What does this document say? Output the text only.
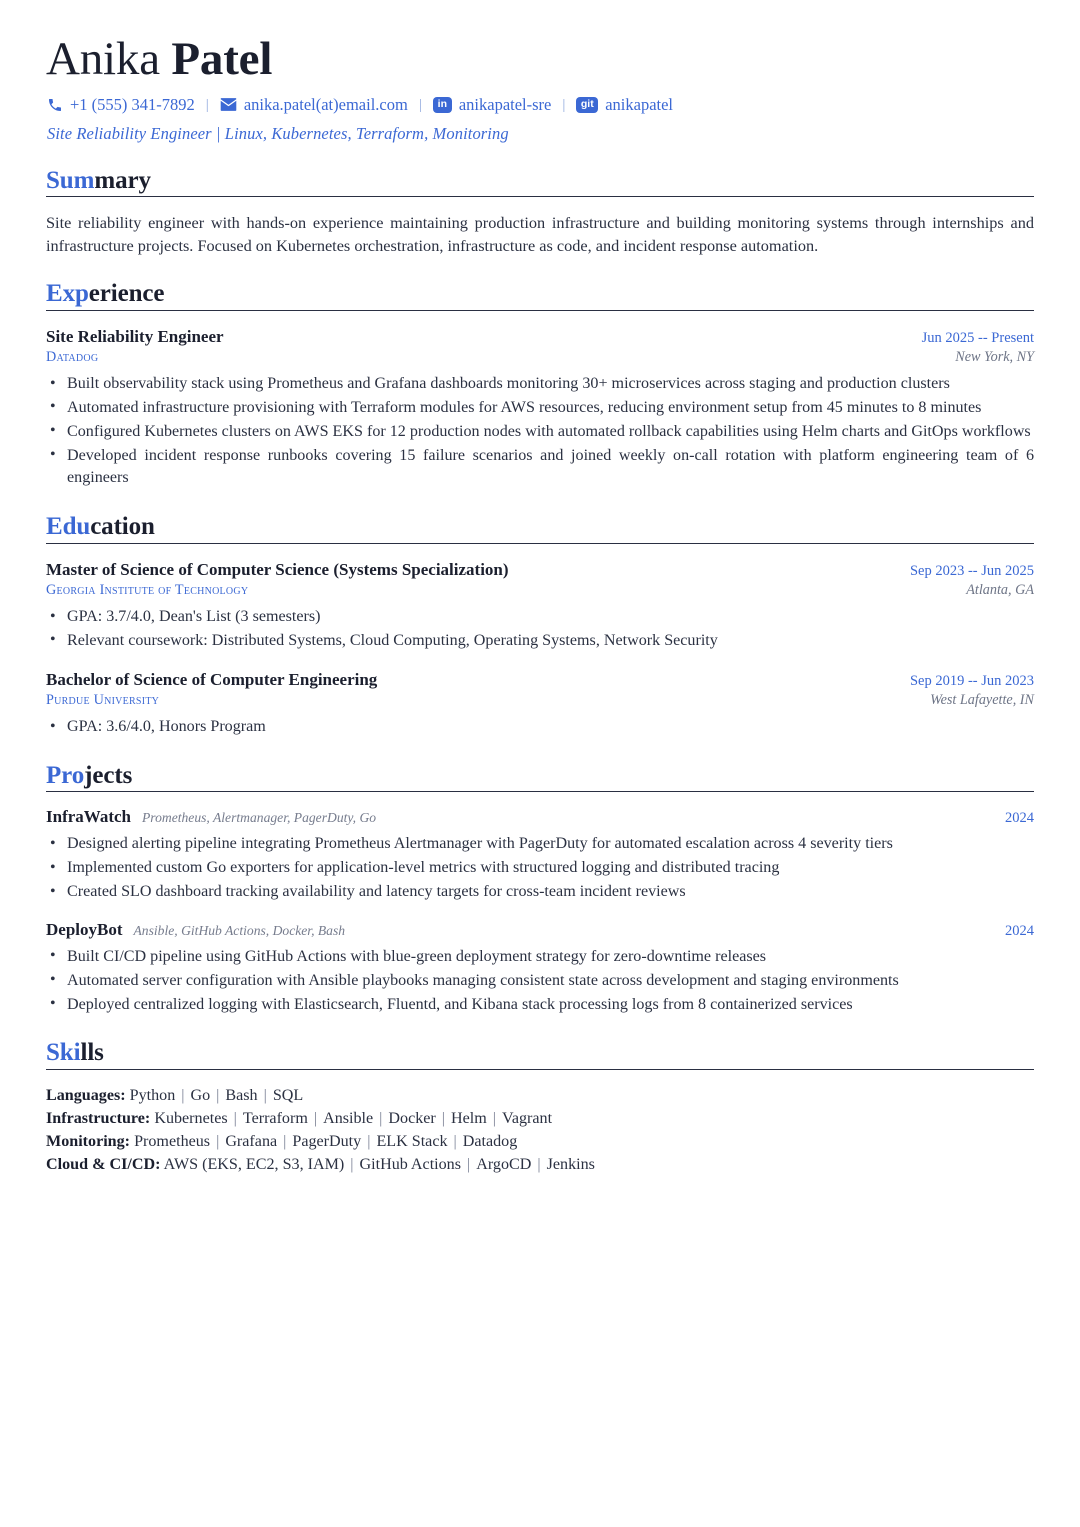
Anika Patel
+1 (555) 341-7892 | anika.patel(at)email.com |	in anikapatel-sre |	git anikapatel
Site Reliability Engineer | Linux, Kubernetes, Terraform, Monitoring
Summary

Site reliability engineer with hands-on experience maintaining production infrastructure and building monitoring systems through internships and infrastructure projects. Focused on Kubernetes orchestration, infrastructure as code, and incident response automation.

Experience
Site Reliability Engineer	Jun 2025 -- Present
Datadog	New York, NY
• Built observability stack using Prometheus and Grafana dashboards monitoring 30+ microservices across staging and production clusters
• Automated infrastructure provisioning with Terraform modules for AWS resources, reducing environment setup from 45 minutes to 8 minutes
• Configured Kubernetes clusters on AWS EKS for 12 production nodes with automated rollback capabilities using Helm charts and GitOps workflows
• Developed incident response runbooks covering 15 failure scenarios and joined weekly on-call rotation with platform engineering team of 6 engineers
Education
Master of Science of Computer Science (Systems Specialization)	Sep 2023 -- Jun 2025
Georgia Institute of Technology	Atlanta, GA
• GPA: 3.7/4.0, Dean's List (3 semesters)
• Relevant coursework: Distributed Systems, Cloud Computing, Operating Systems, Network Security
Bachelor of Science of Computer Engineering	Sep 2019 -- Jun 2023
Purdue University	West Lafayette, IN
• GPA: 3.6/4.0, Honors Program
Projects
InfraWatch Prometheus, Alertmanager, PagerDuty, Go	2024
• Designed alerting pipeline integrating Prometheus Alertmanager with PagerDuty for automated escalation across 4 severity tiers
• Implemented custom Go exporters for application-level metrics with structured logging and distributed tracing
• Created SLO dashboard tracking availability and latency targets for cross-team incident reviews
DeployBot Ansible, GitHub Actions, Docker, Bash	2024
• Built CI/CD pipeline using GitHub Actions with blue-green deployment strategy for zero-downtime releases
• Automated server configuration with Ansible playbooks managing consistent state across development and staging environments
• Deployed centralized logging with Elasticsearch, Fluentd, and Kibana stack processing logs from 8 containerized services
Skills
Languages: Python | Go | Bash | SQL
Infrastructure: Kubernetes | Terraform | Ansible | Docker | Helm | Vagrant
Monitoring: Prometheus | Grafana | PagerDuty | ELK Stack | Datadog
Cloud & CI/CD: AWS (EKS, EC2, S3, IAM) | GitHub Actions | ArgoCD | Jenkins
